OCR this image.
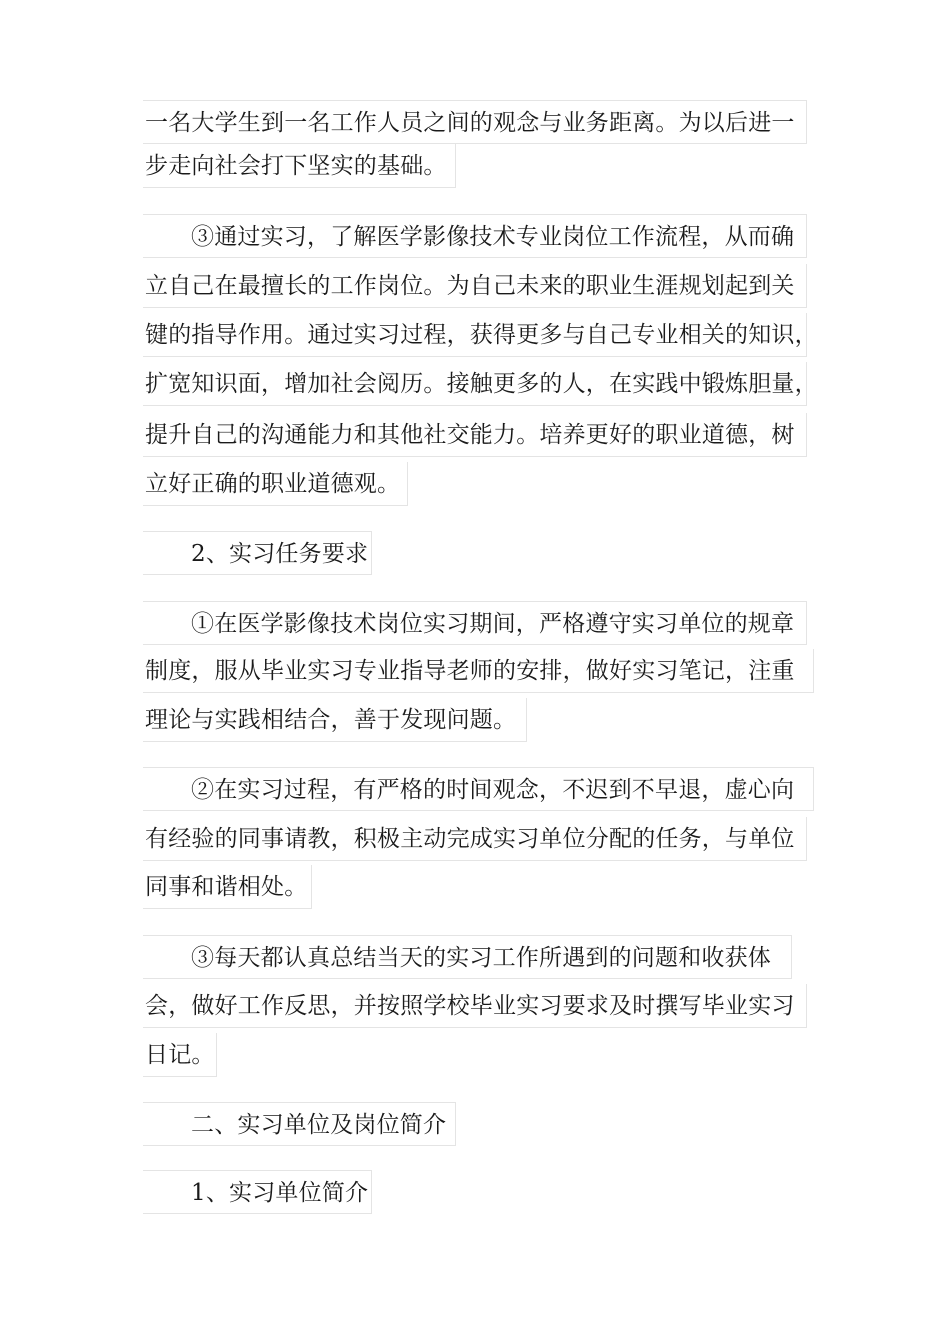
一名大学生到一名工作人员之间的观念与业务距离。为以后进一
步走向社会打下坚实的基础。
③通过实习，了解医学影像技术专业岗位工作流程，从而确
立自己在最擅长的工作岗位。为自己未来的职业生涯规划起到关
键的指导作用。通过实习过程，获得更多与自己专业相关的知识，
扩宽知识面，增加社会阅历。接触更多的人，在实践中锻炼胆量，
提升自己的沟通能力和其他社交能力。培养更好的职业道德，树
立好正确的职业道德观。
2、实习任务要求
①在医学影像技术岗位实习期间，严格遵守实习单位的规章
制度，服从毕业实习专业指导老师的安排，做好实习笔记，注重
理论与实践相结合，善于发现问题。
②在实习过程，有严格的时间观念，不迟到不早退，虚心向
有经验的同事请教，积极主动完成实习单位分配的任务，与单位
同事和谐相处。
③每天都认真总结当天的实习工作所遇到的问题和收获体
会，做好工作反思，并按照学校毕业实习要求及时撰写毕业实习
日记。
二、实习单位及岗位简介
1、实习单位简介
